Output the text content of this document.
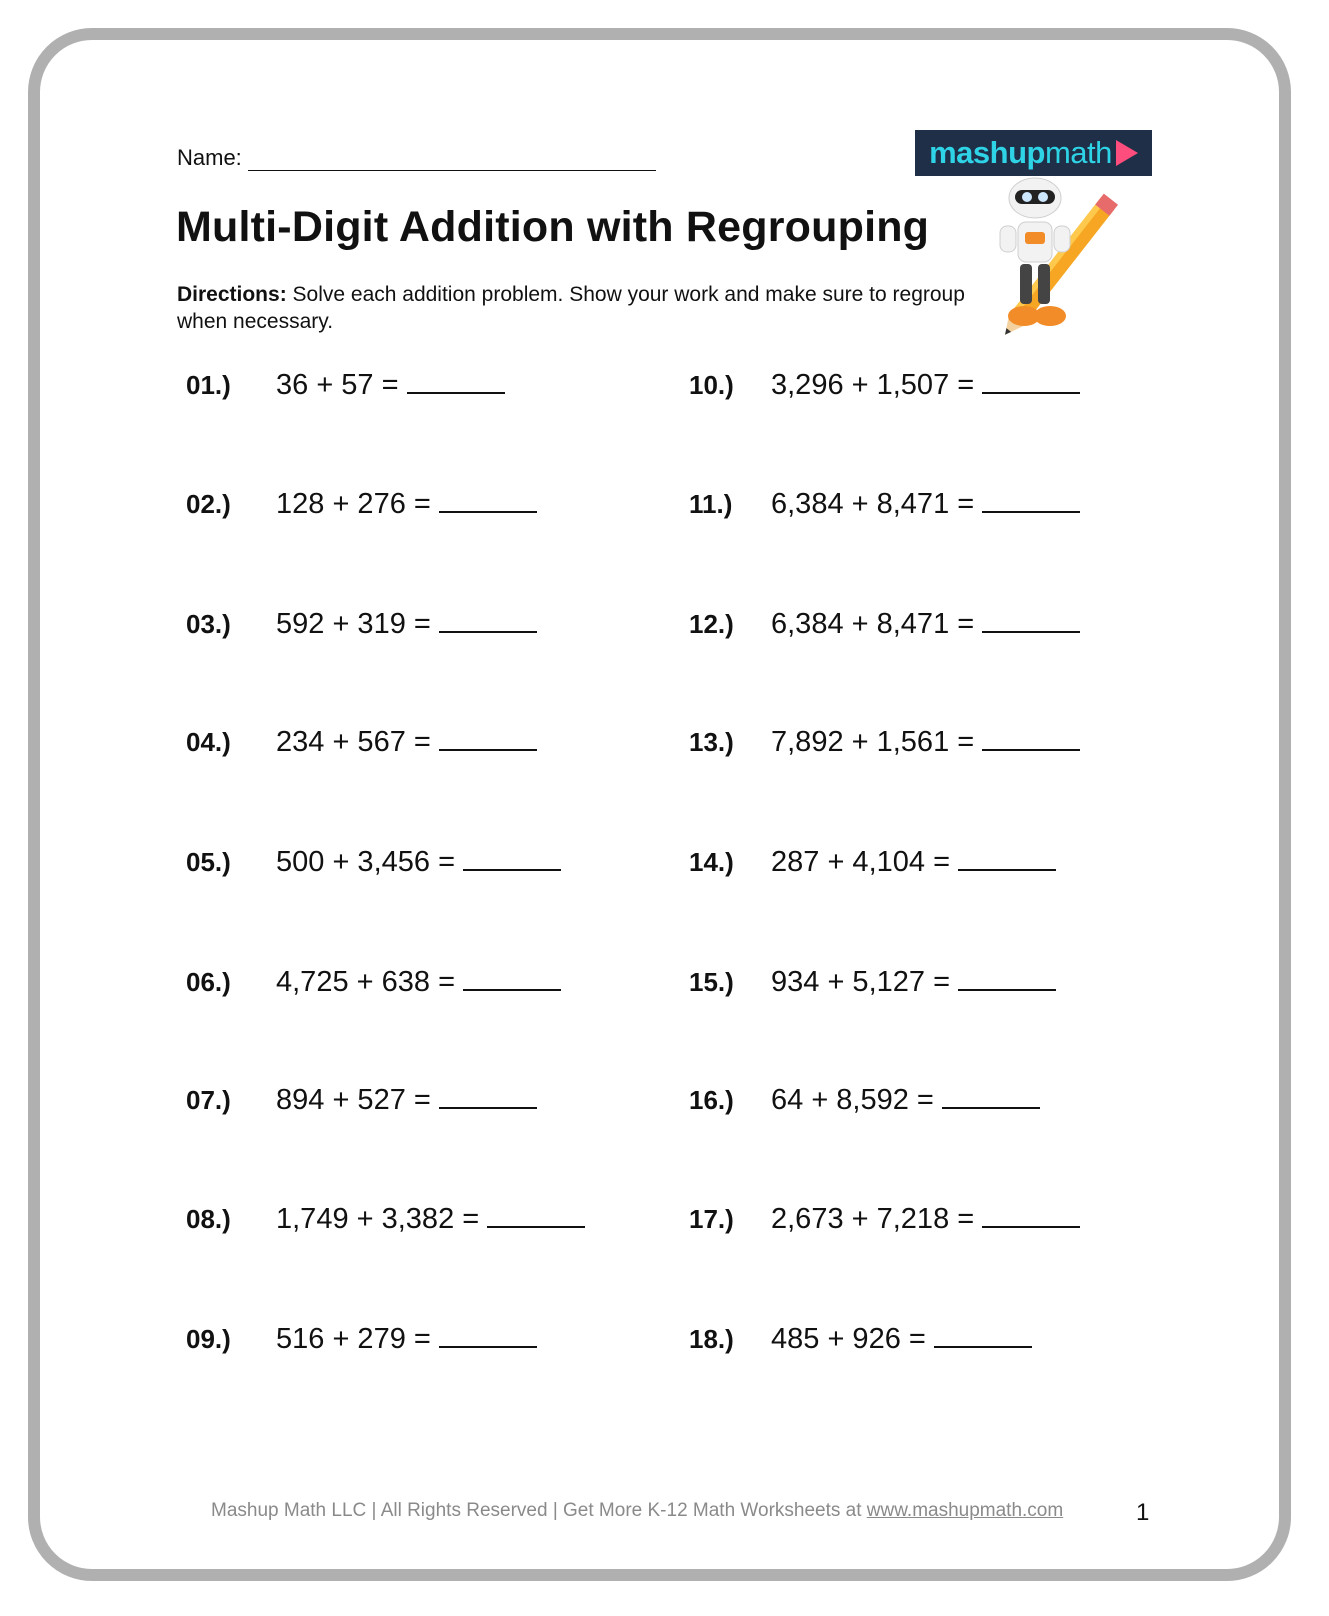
Name:	mashup math
Multi-Digit Addition with Regrouping
Directions: Solve each addition problem. Show your work and make sure to regroup when necessary.
01.)	36 + 57 =
02.)	128 + 276 =
03.)	592 + 319 =
04.)	234 + 567 =
05.)	500 + 3,456 =
06.)	4,725 + 638 =
07.)	894 + 527 =
08.)	1,749 + 3,382 =
09.)	516 + 279 =
10.)	3,296 + 1,507 =
11.)	6,384 + 8,471 =
12.)	6,384 + 8,471 =
13.)	7,892 + 1,561 =
14.)	287 + 4,104 =
15.)	934 + 5,127 =
16.)	64 + 8,592 =
17.)	2,673 + 7,218 =
18.)	485 + 926 =
Mashup Math LLC | All Rights Reserved | Get More K-12 Math Worksheets at www.mashupmath.com	1
